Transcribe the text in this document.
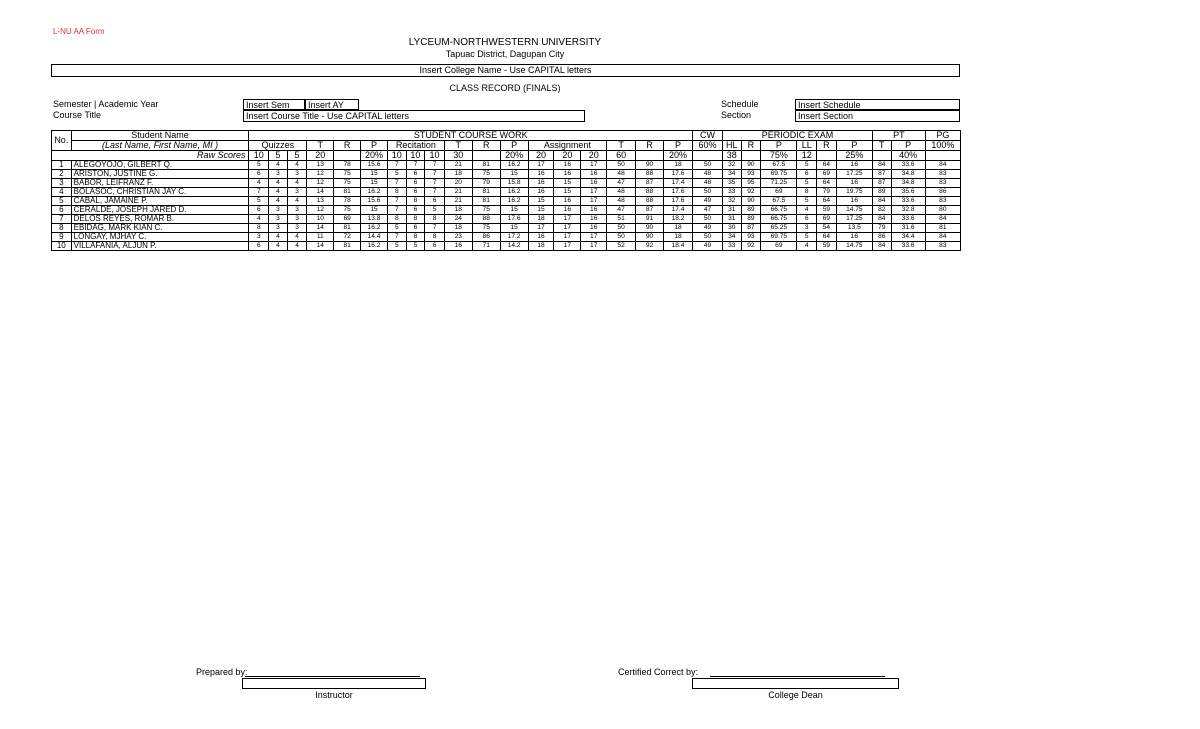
L-NU AA Form
LYCEUM-NORTHWESTERN UNIVERSITY
Tapuac District, Dagupan City
Insert College Name - Use CAPITAL letters
CLASS RECORD (FINALS)
Semester | Academic Year	Insert Sem	Insert AY
Course Title	Insert Course Title - Use CAPITAL letters
Schedule	Insert Schedule
Section	Insert Section
No.	Student Name	STUDENT COURSE WORK																		CW	PERIODIC EXAM						PT		PG
	(Last Name, First Name, MI )	Quizzes			T	R	P	Recitation			T	R	P	Assignment			T	R	P	60%	HL	R	P	LL	R	P	T	P	100%
Raw Scores		10	5	5	20		20%	10	10	10	30		20%	20	20	20	60		20%		38		75%	12		25%		40%	
1	ALEGOYOJO, GILBERT Q.	5	4	4	13	78	15.6	7	7	7	21	81	16.2	17	16	17	50	90	18	50	32	90	67.5	5	64	16	84	33.6	84
2	ARISTON, JUSTINE G.	6	3	3	12	75	15	5	6	7	18	75	15	16	16	16	48	88	17.6	48	34	93	69.75	6	69	17.25	87	34.8	83
3	BABOR, LEIFRANZ F.	4	4	4	12	75	15	7	6	7	20	79	15.8	16	15	16	47	87	17.4	48	35	95	71.25	5	64	16	87	34.8	83
4	BOLASOC, CHRISTIAN JAY C.	7	4	3	14	81	16.2	8	6	7	21	81	16.2	16	15	17	48	88	17.6	50	33	92	69	8	79	19.75	89	35.6	86
5	CABAL, JAMAINE P.	5	4	4	13	78	15.6	7	8	6	21	81	16.2	15	16	17	48	88	17.6	49	32	90	67.5	5	64	16	84	33.6	83
6	CERALDE, JOSEPH JARED D.	6	3	3	12	75	15	7	6	5	18	75	15	15	16	16	47	87	17.4	47	31	89	66.75	4	59	14.75	82	32.8	80
7	DELOS REYES, ROMAR B.	4	3	3	10	69	13.8	8	8	8	24	88	17.6	18	17	16	51	91	18.2	50	31	89	66.75	6	69	17.25	84	33.6	84
8	EBIDAG, MARK KIAN C.	8	3	3	14	81	16.2	5	6	7	18	75	15	17	17	16	50	90	18	49	30	87	65.25	3	54	13.5	79	31.6	81
9	LONGAY, MJHAY C.	3	4	4	11	72	14.4	7	8	8	23	86	17.2	16	17	17	50	90	18	50	34	93	69.75	5	64	16	86	34.4	84
10	VILLAFANIA, ALJUN P.	6	4	4	14	81	16.2	5	5	6	16	71	14.2	18	17	17	52	92	18.4	49	33	92	69	4	59	14.75	84	33.6	83
Prepared by:
Instructor
Certified Correct by:
College Dean
